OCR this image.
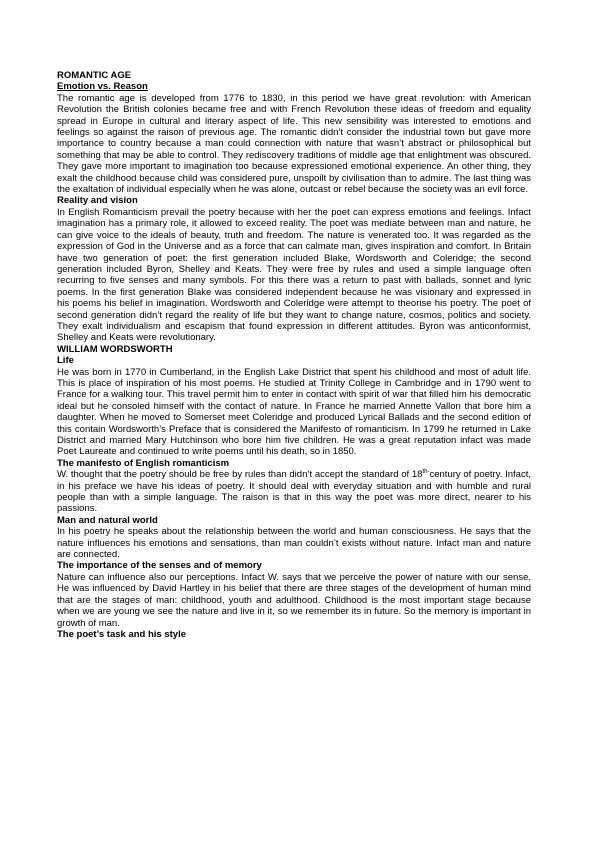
ROMANTIC AGE
Emotion vs. Reason

The romantic age is developed from 1776 to 1830, in this period we have great revolution: with American Revolution the British colonies became free and with French Revolution these ideas of freedom and equality spread in Europe in cultural and literary aspect of life. This new sensibility was interested to emotions and feelings so against the raison of previous age. The romantic didn’t consider the industrial town but gave more importance to country because a man could connection with nature that wasn’t abstract or philosophical but something that may be able to control. They rediscovery traditions of middle age that enlightment was obscured. They gave more important to imagination too because expressioned emotional experience. An other thing, they exalt the childhood because child was considered pure, unspoilt by civilisation than to admire. The last thing was the exaltation of individual especially when he was alone, outcast or rebel because the society was an evil force.

Reality and vision

In English Romanticism prevail the poetry because with her the poet can express emotions and feelings. Infact imagination has a primary role, it allowed to exceed reality. The poet was mediate between man and nature, he can give voice to the ideals of beauty, truth and freedom. The nature is venerated too. It was regarded as the expression of God in the Universe and as a force that can calmate man, gives inspiration and comfort. In Britain have two generation of poet: the first generation included Blake, Wordsworth and Coleridge; the second generation included Byron, Shelley and Keats. They were free by rules and used a simple language often recurring to five senses and many symbols. For this there was a return to past with ballads, sonnet and lyric poems. In the first generation Blake was considered independent because he was visionary and expressed in his poems his belief in imagination. Wordsworth and Coleridge were attempt to theorise his poetry. The poet of second generation didn’t regard the reality of life but they want to change nature, cosmos, politics and society. They exalt individualism and escapism that found expression in different attitudes. Byron was anticonformist, Shelley and Keats were revolutionary.

WILLIAM WORDSWORTH
Life

He was born in 1770 in Cumberland, in the English Lake District that spent his childhood and most of adult life. This is place of inspiration of his most poems. He studied at Trinity College in Cambridge and in 1790 went to France for a walking tour. This travel permit him to enter in contact with spirit of war that filled him his democratic ideal but he consoled himself with the contact of nature. In France he married Annette Vallon that bore him a daughter. When he moved to Somerset meet Coleridge and produced Lyrical Ballads and the second edition of this contain Wordsworth’s Preface that is considered the Manifesto of romanticism. In 1799 he returned in Lake District and married Mary Hutchinson who bore him five children. He was a great reputation infact was made Poet Laureate and continued to write poems until his death, so in 1850.

The manifesto of English romanticism

W. thought that the poetry should be free by rules than didn’t accept the standard of $18^{th-}century$ of poetry. Infact, in his preface we have his ideas of poetry. It should deal with everyday situation and with humble and rural people than with a simple language. The raison is that in this way the poet was more direct, nearer to his passions.

Man and natural world

In his poetry he speaks about the relationship between the world and human consciousness. He says that the nature influences his emotions and sensations, than man couldn’t exists without nature. Infact man and nature are connected.

The importance of the senses and of memory

Nature can influence also our perceptions. Infact W. says that we perceive the power of nature with our sense. He was influenced by David Hartley in his belief that there are three stages of the development of human mind that are the stages of man: childhood, youth and adulthood. Childhood is the most important stage because when we are young we see the nature and live in it, so we remember its in future. So the memory is important in growth of man.

The poet’s task and his style
